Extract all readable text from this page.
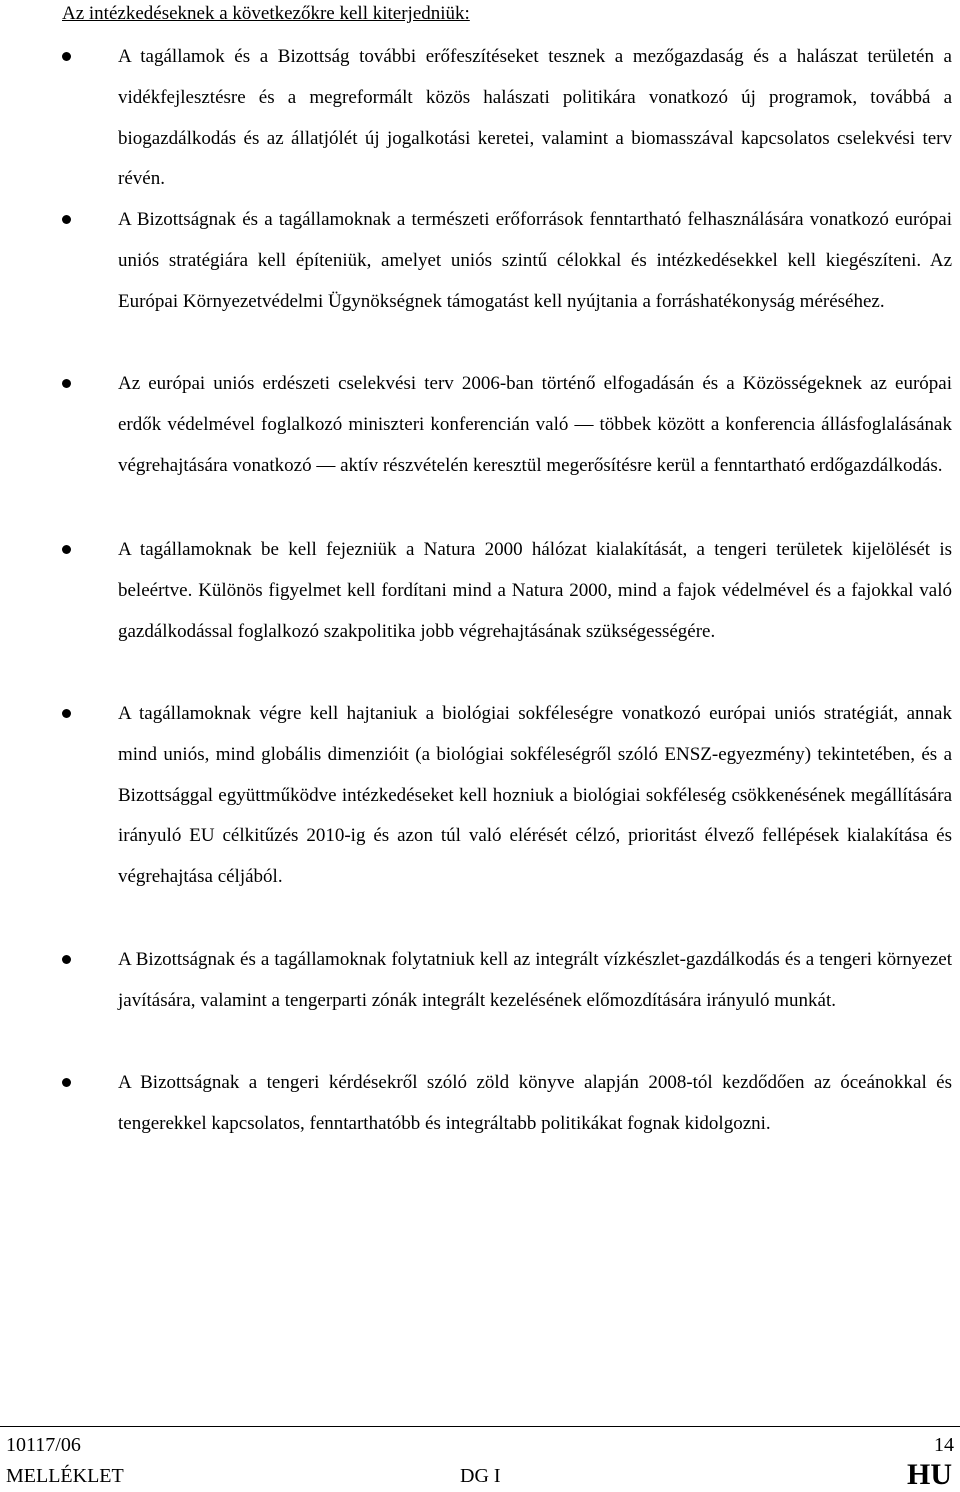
Az intézkedéseknek a következőkre kell kiterjedniük:
A tagállamok és a Bizottság további erőfeszítéseket tesznek a mezőgazdaság és a halászat területén a vidékfejlesztésre és a megreformált közös halászati politikára vonatkozó új programok, továbbá a biogazdálkodás és az állatjólét új jogalkotási keretei, valamint a biomasszával kapcsolatos cselekvési terv révén.
A Bizottságnak és a tagállamoknak a természeti erőforrások fenntartható felhasználására vonatkozó európai uniós stratégiára kell építeniük, amelyet uniós szintű célokkal és intézkedésekkel kell kiegészíteni. Az Európai Környezetvédelmi Ügynökségnek támogatást kell nyújtania a forráshatékonyság méréséhez.
Az európai uniós erdészeti cselekvési terv 2006-ban történő elfogadásán és a Közösségeknek az európai erdők védelmével foglalkozó miniszteri konferencián való ― többek között a konferencia állásfoglalásának végrehajtására vonatkozó ― aktív részvételén keresztül megerősítésre kerül a fenntartható erdőgazdálkodás.
A tagállamoknak be kell fejezniük a Natura 2000 hálózat kialakítását, a tengeri területek kijelölését is beleértve. Különös figyelmet kell fordítani mind a Natura 2000, mind a fajok védelmével és a fajokkal való gazdálkodással foglalkozó szakpolitika jobb végrehajtásának szükségességére.
A tagállamoknak végre kell hajtaniuk a biológiai sokféleségre vonatkozó európai uniós stratégiát, annak mind uniós, mind globális dimenzióit (a biológiai sokféleségről szóló ENSZ-egyezmény) tekintetében, és a Bizottsággal együttműködve intézkedéseket kell hozniuk a biológiai sokféleség csökkenésének megállítására irányuló EU célkitűzés 2010-ig és azon túl való elérését célzó, prioritást élvező fellépések kialakítása és végrehajtása céljából.
A Bizottságnak és a tagállamoknak folytatniuk kell az integrált vízkészlet-gazdálkodás és a tengeri környezet javítására, valamint a tengerparti zónák integrált kezelésének előmozdítására irányuló munkát.
A Bizottságnak a tengeri kérdésekről szóló zöld könyve alapján 2008-tól kezdődően az óceánokkal és tengerekkel kapcsolatos, fenntarthatóbb és integráltabb politikákat fognak kidolgozni.
10117/06
MELLÉKLET	DG I
14
HU
